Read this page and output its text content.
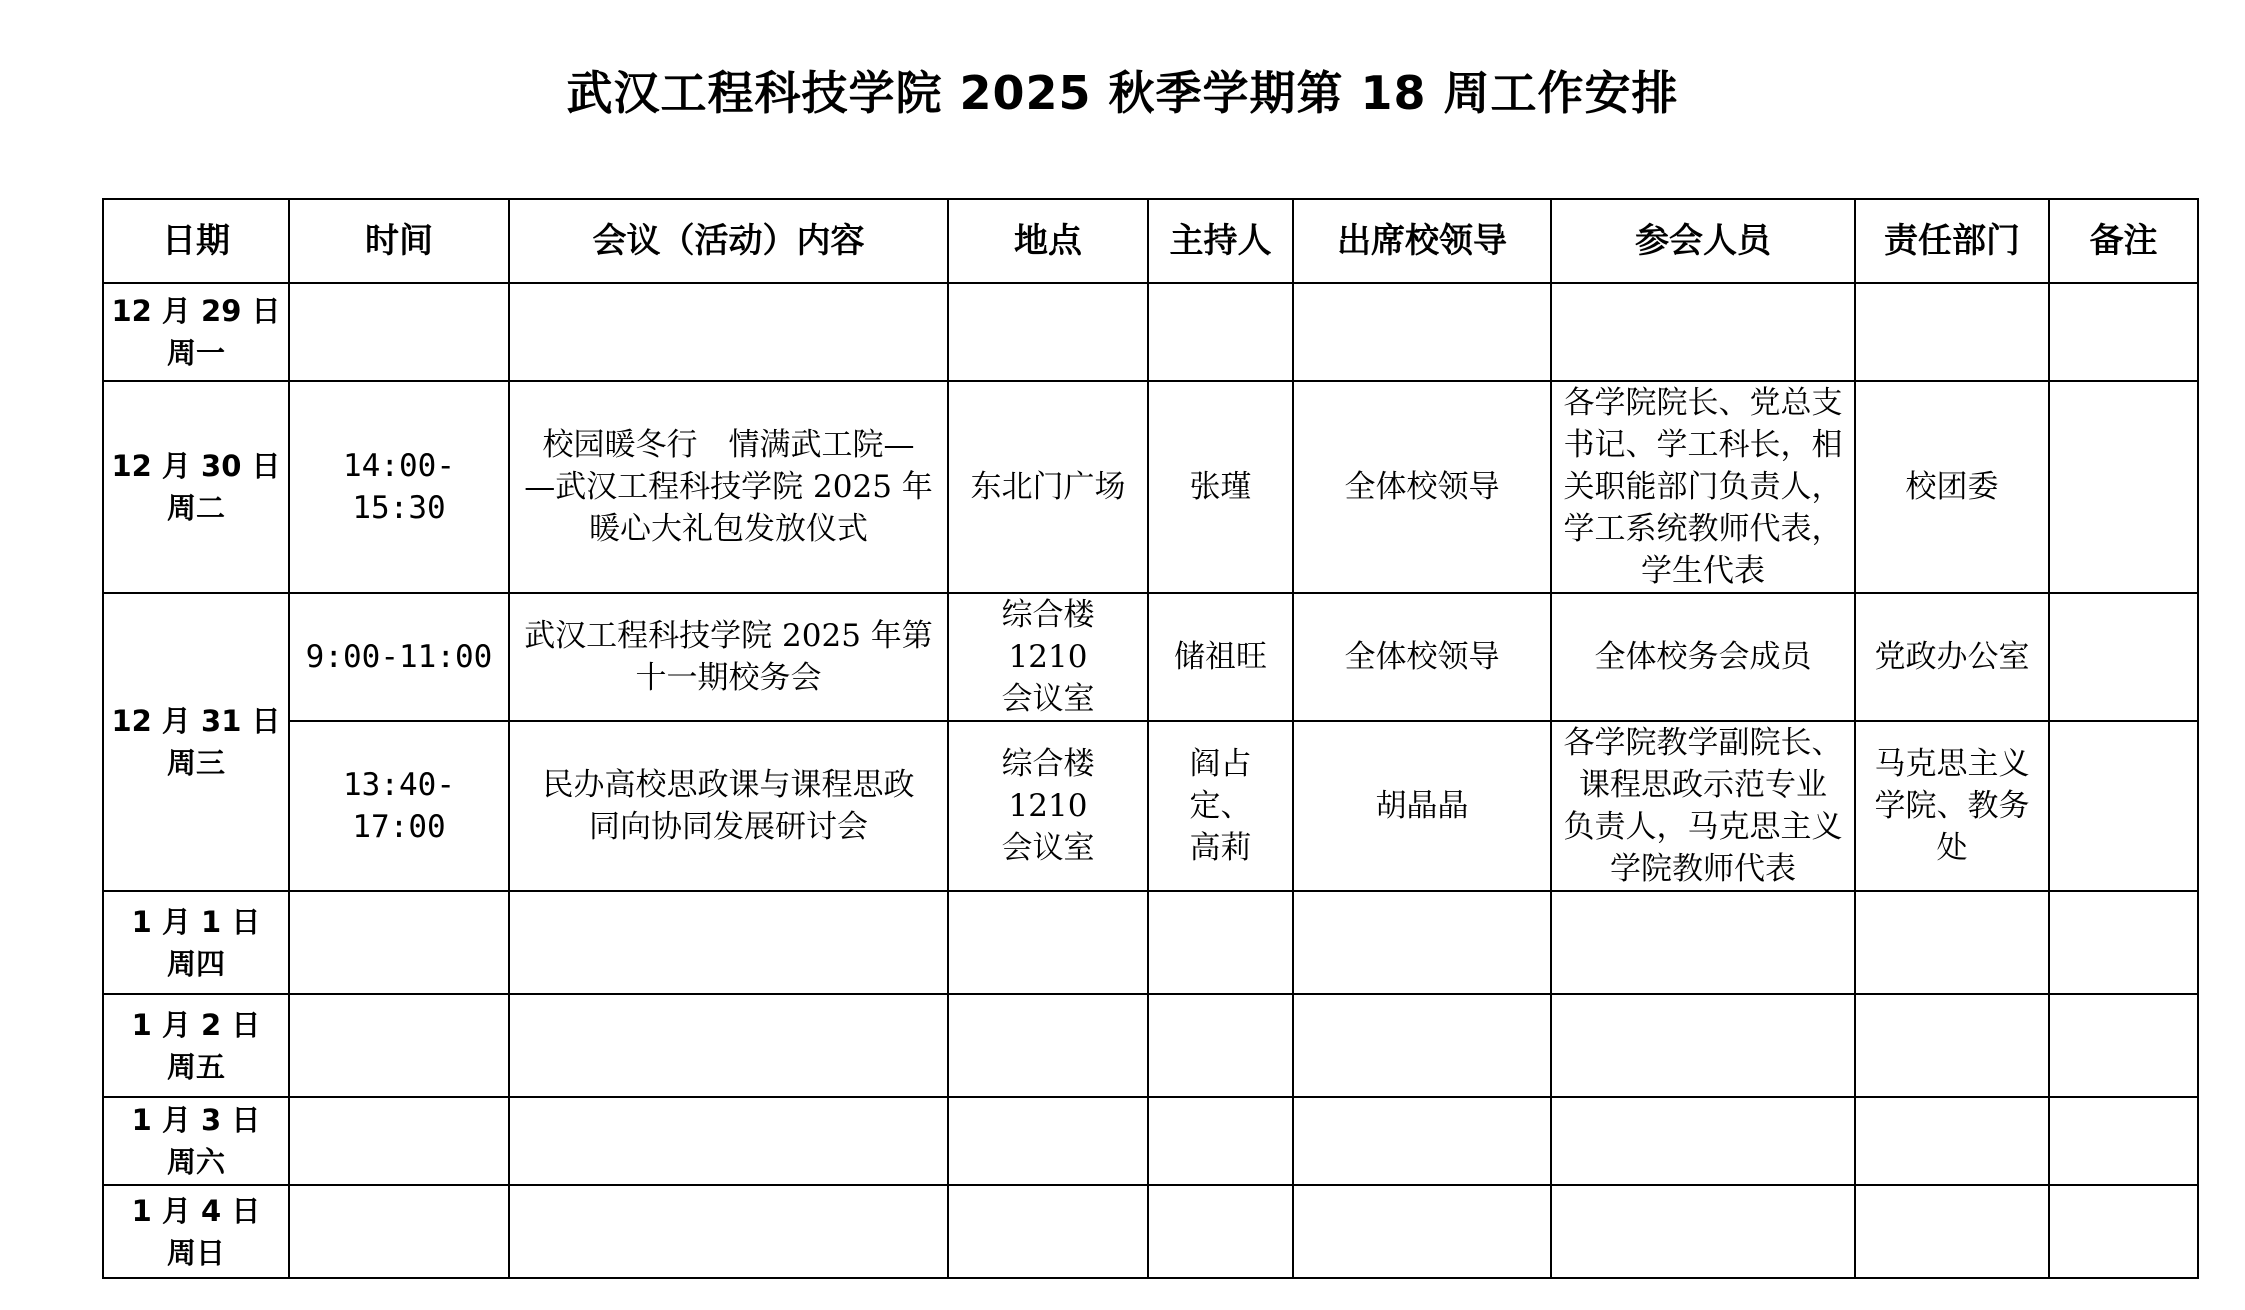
武汉工程科技学院 2025 秋季学期第 18 周工作安排
日期	时间	会议（活动）内容	地点	主持人	出席校领导	参会人员	责任部门	备注

12 月 29 日
周一								

12 月 30 日
周二	14:00-15:30	校园暖冬行　情满武工院—
—武汉工程科技学院 2025 年
暖心大礼包发放仪式	东北门广场	张瑾	全体校领导	各学院院长、党总支
书记、学工科长，相
关职能部门负责人，
学工系统教师代表，
学生代表	校团委	

12 月 31 日
周三	9:00-11:00	武汉工程科技学院 2025 年第
十一期校务会	综合楼 1210
会议室	储祖旺	全体校领导	全体校务会成员	党政办公室	

	13:40-17:00	民办高校思政课与课程思政
同向协同发展研讨会	综合楼 1210
会议室	阎占定、
高莉	胡晶晶	各学院教学副院长、
课程思政示范专业
负责人，马克思主义
学院教师代表	马克思主义
学院、教务
处	

1 月 1 日
周四								

1 月 2 日
周五								

1 月 3 日
周六								

1 月 4 日
周日								
